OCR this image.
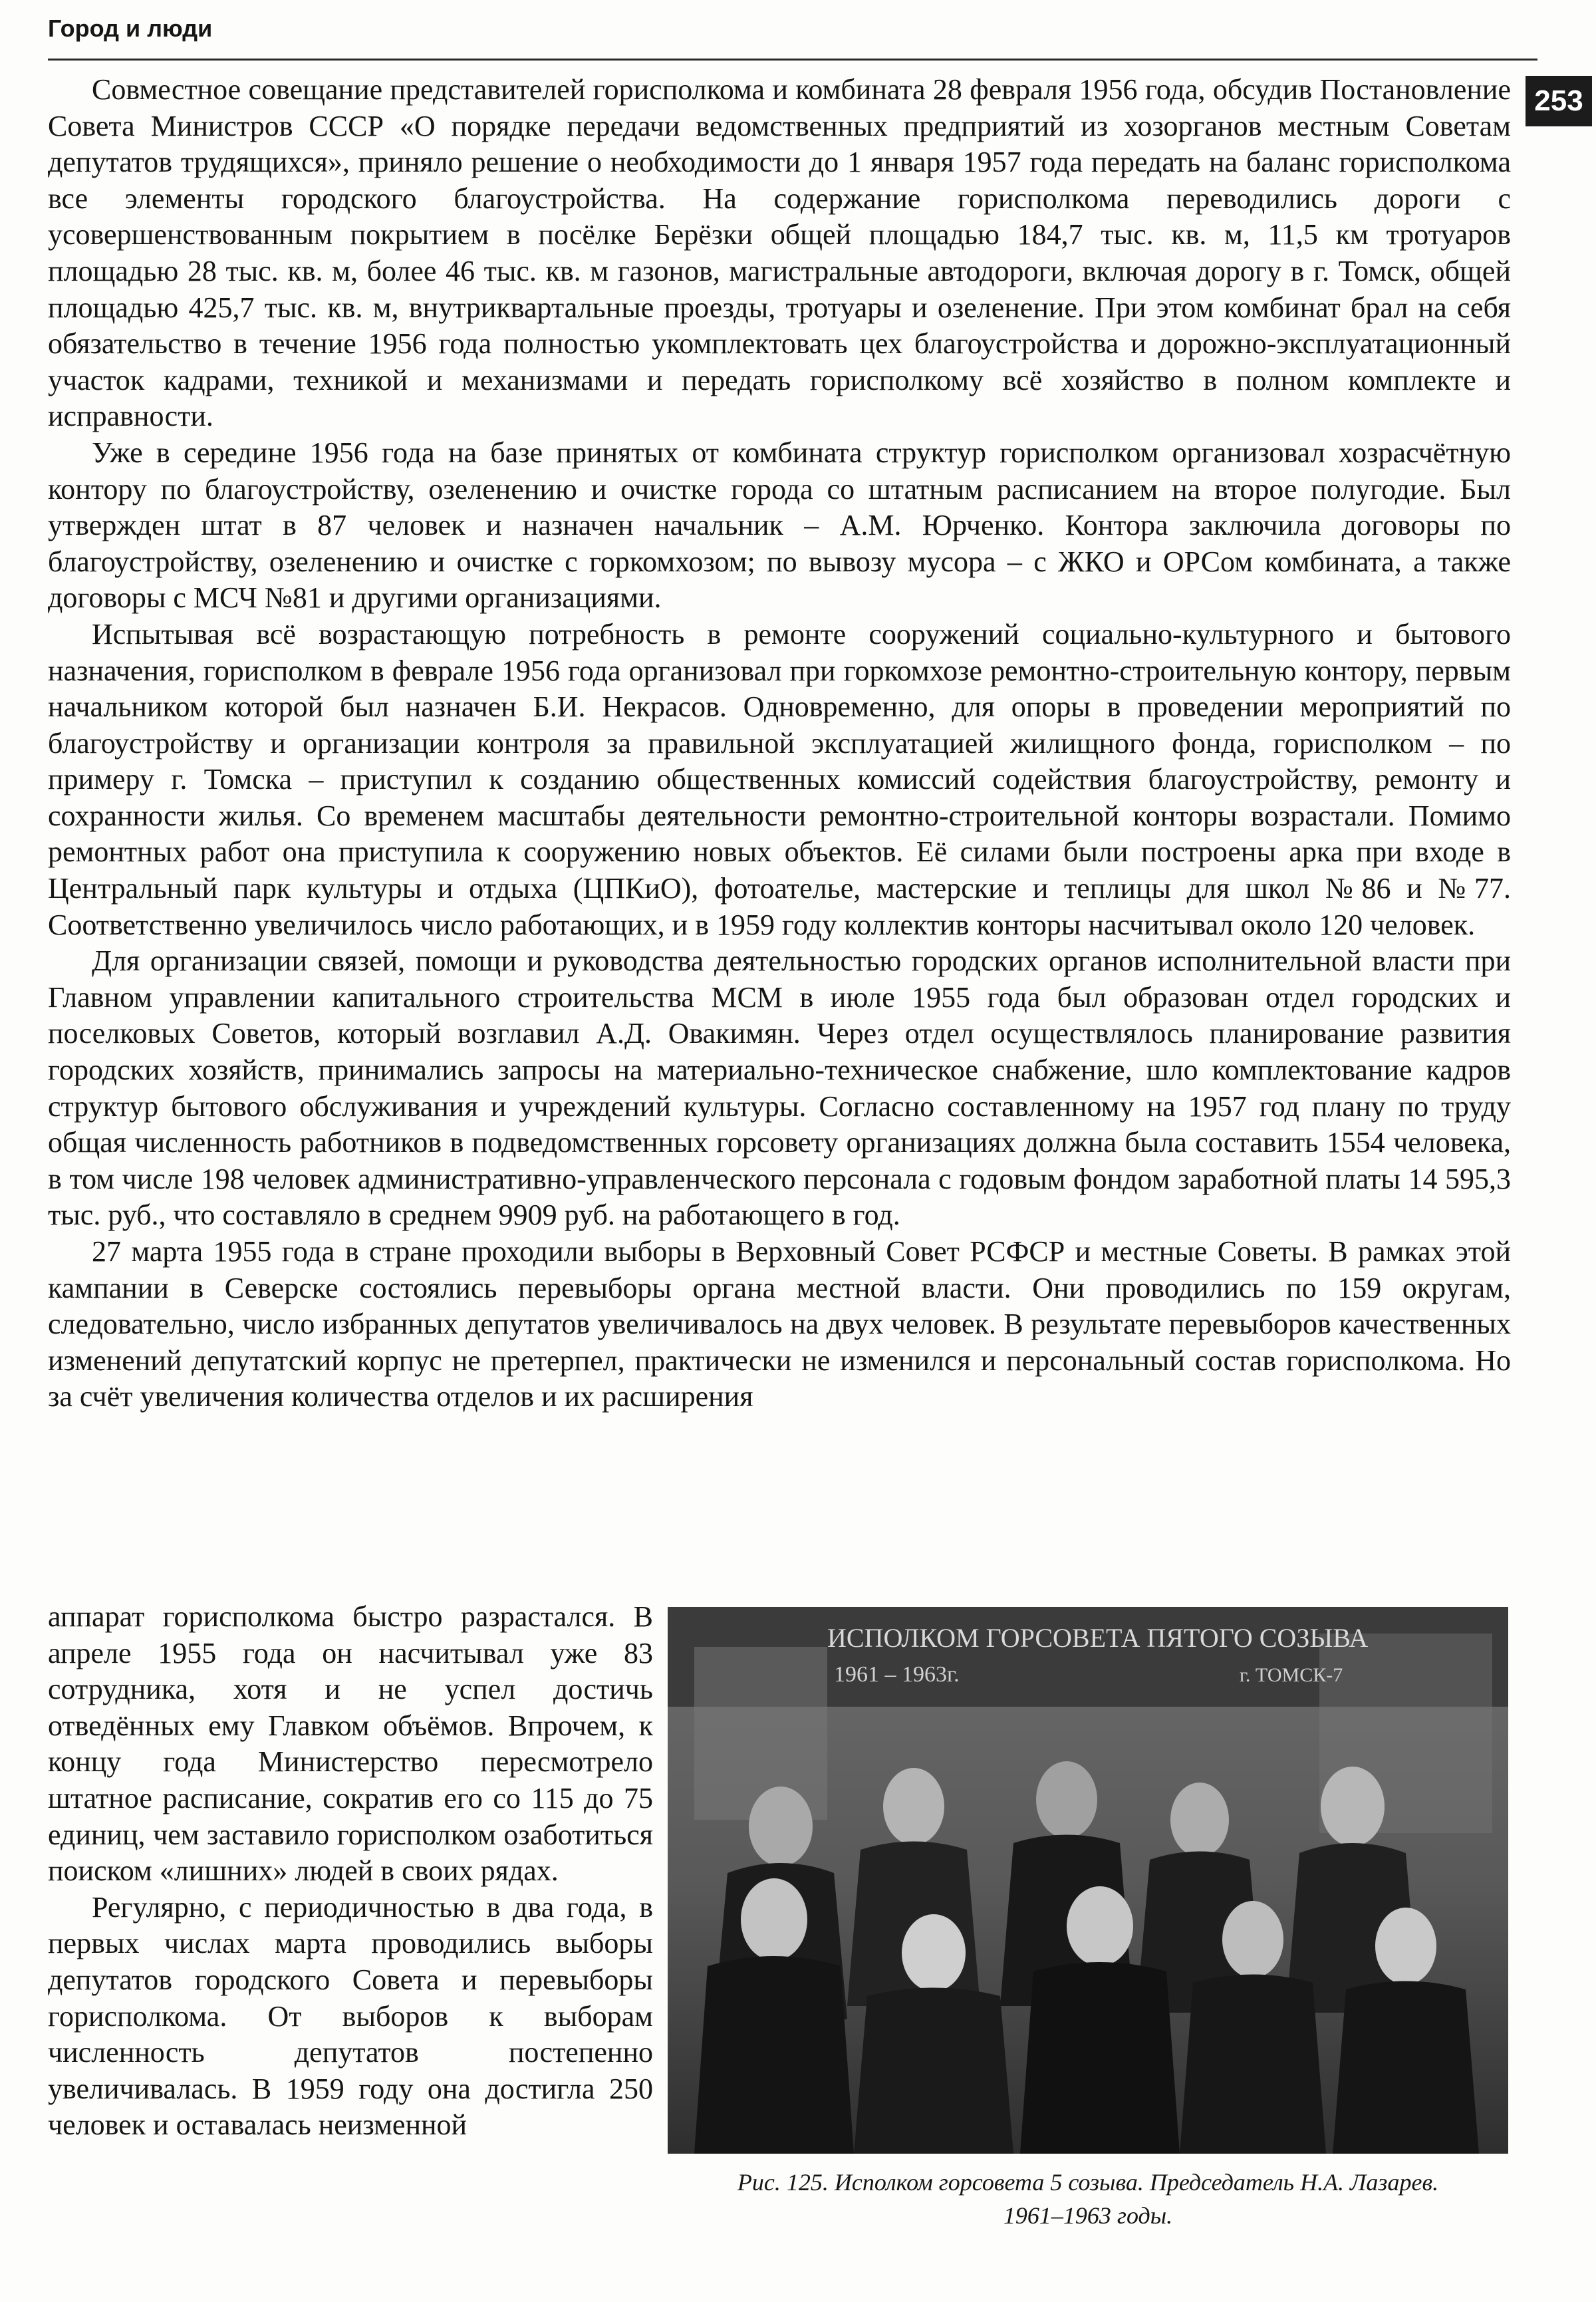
Город и люди
253

Совместное совещание представителей горисполкома и комбината 28 февраля 1956 года, обсудив Постановление Совета Министров СССР «О порядке передачи ведомственных предприятий из хозорганов местным Советам депутатов трудящихся», приняло решение о необходимости до 1 января 1957 года передать на баланс горисполкома все элементы городского благоустройства. На содержание горисполкома переводились дороги с усовершенствованным покрытием в посёлке Берёзки общей площадью 184,7 тыс. кв. м, 11,5 км тротуаров площадью 28 тыс. кв. м, более 46 тыс. кв. м газонов, магистральные автодороги, включая дорогу в г. Томск, общей площадью 425,7 тыс. кв. м, внутриквартальные проезды, тротуары и озеленение. При этом комбинат брал на себя обязательство в течение 1956 года полностью укомплектовать цех благоустройства и дорожно-эксплуатационный участок кадрами, техникой и механизмами и передать горисполкому всё хозяйство в полном комплекте и исправности.

Уже в середине 1956 года на базе принятых от комбината структур горисполком организовал хозрасчётную контору по благоустройству, озеленению и очистке города со штатным расписанием на второе полугодие. Был утвержден штат в 87 человек и назначен начальник – А.М. Юрченко. Контора заключила договоры по благоустройству, озеленению и очистке с горкомхозом; по вывозу мусора – с ЖКО и ОРСом комбината, а также договоры с МСЧ №81 и другими организациями.

Испытывая всё возрастающую потребность в ремонте сооружений социально-культурного и бытового назначения, горисполком в феврале 1956 года организовал при горкомхозе ремонтно-строительную контору, первым начальником которой был назначен Б.И. Некрасов. Одновременно, для опоры в проведении мероприятий по благоустройству и организации контроля за правильной эксплуатацией жилищного фонда, горисполком – по примеру г. Томска – приступил к созданию общественных комиссий содействия благоустройству, ремонту и сохранности жилья. Со временем масштабы деятельности ремонтно-строительной конторы возрастали. Помимо ремонтных работ она приступила к сооружению новых объектов. Её силами были построены арка при входе в Центральный парк культуры и отдыха (ЦПКиО), фотоателье, мастерские и теплицы для школ №86 и №77. Соответственно увеличилось число работающих, и в 1959 году коллектив конторы насчитывал около 120 человек.

Для организации связей, помощи и руководства деятельностью городских органов исполнительной власти при Главном управлении капитального строительства МСМ в июле 1955 года был образован отдел городских и поселковых Советов, который возглавил А.Д. Овакимян. Через отдел осуществлялось планирование развития городских хозяйств, принимались запросы на материально-техническое снабжение, шло комплектование кадров структур бытового обслуживания и учреждений культуры. Согласно составленному на 1957 год плану по труду общая численность работников в подведомственных горсовету организациях должна была составить 1554 человека, в том числе 198 человек административно-управленческого персонала с годовым фондом заработной платы 14 595,3 тыс. руб., что составляло в среднем 9909 руб. на работающего в год.

27 марта 1955 года в стране проходили выборы в Верховный Совет РСФСР и местные Советы. В рамках этой кампании в Северске состоялись перевыборы органа местной власти. Они проводились по 159 округам, следовательно, число избранных депутатов увеличивалось на двух человек. В результате перевыборов качественных изменений депутатский корпус не претерпел, практически не изменился и персональный состав горисполкома. Но за счёт увеличения количества отделов и их расширения

аппарат горисполкома быстро разрастался. В апреле 1955 года он насчитывал уже 83 сотрудника, хотя и не успел достичь отведённых ему Главком объёмов. Впрочем, к концу года Министерство пересмотрело штатное расписание, сократив его со 115 до 75 единиц, чем заставило горисполком озаботиться поиском «лишних» людей в своих рядах.

Регулярно, с периодичностью в два года, в первых числах марта проводились выборы депутатов городского Совета и перевыборы горисполкома. От выборов к выборам численность депутатов постепенно увеличивалась. В 1959 году она достигла 250 человек и оставалась неизменной

ИСПОЛКОМ ГОРСОВЕТА ПЯТОГО СОЗЫВА
1961 – 1963г.	г. ТОМСК-7
Рис. 125. Исполком горсовета 5 созыва. Председатель Н.А. Лазарев.
1961–1963 годы.
